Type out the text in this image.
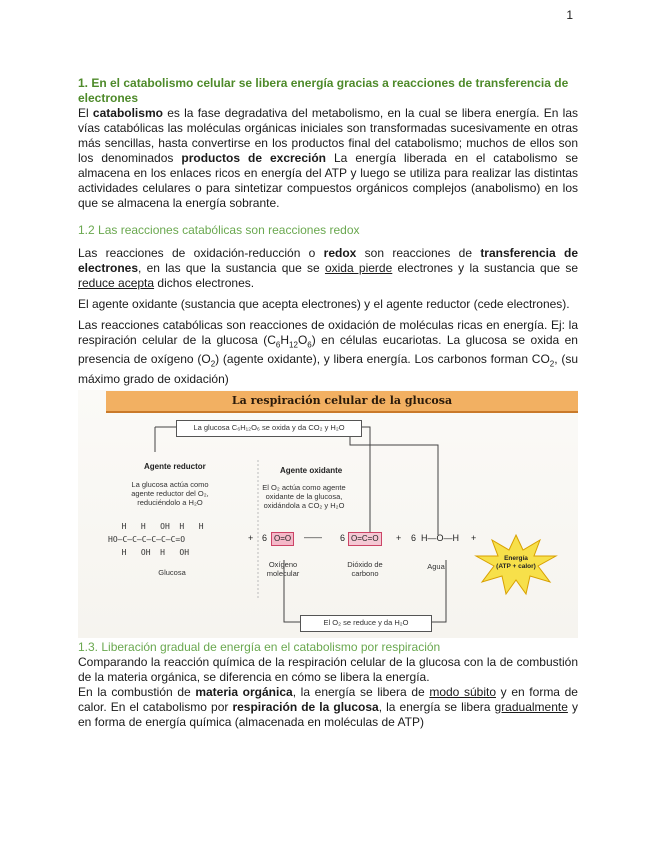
1
1. En el catabolismo celular se libera energía gracias a reacciones de transferencia de electrones

El catabolismo es la fase degradativa del metabolismo, en la cual se libera energía. En las vías catabólicas las moléculas orgánicas iniciales son transformadas sucesivamente en otras más sencillas, hasta convertirse en los productos final del catabolismo; muchos de ellos son los denominados productos de excreción La energía liberada en el catabolismo se almacena en los enlaces ricos en energía del ATP y luego se utiliza para realizar las distintas actividades celulares o para sintetizar compuestos orgánicos complejos (anabolismo) en los que se almacena la energía sobrante.

1.2 Las reacciones catabólicas son reacciones redox

Las reacciones de oxidación-reducción o redox son reacciones de transferencia de electrones, en las que la sustancia que se oxida pierde electrones y la sustancia que se reduce acepta dichos electrones.

El agente oxidante (sustancia que acepta electrones) y el agente reductor (cede electrones).

Las reacciones catabólicas son reacciones de oxidación de moléculas ricas en energía. Ej: la respiración celular de la glucosa $(C_6H_{12}O_6)$ en células eucariotas. La glucosa se oxida en presencia de oxígeno $(O_2)$ (agente oxidante), y libera energía. Los carbonos forman $CO_2$, (su máximo grado de oxidación)

La respiración celular de la glucosa
La glucosa C₆H₁₂O₆ se oxida y da CO₂ y H₂O
Agente reductor
La glucosa actúa como agente reductor del O₂, reduciéndolo a H₂O
Agente oxidante
El O₂ actúa como agente oxidante de la glucosa, oxidándola a CO₂ y H₂O
H   H   OH  H   H
HO—C—C—C—C—C—C=O
H   OH  H   OH
Glucosa
+ 6 O=O	—— 6 O=C=O	+ 6 H—O—H +
Oxígeno molecular
Dióxido de carbono
Agua
Energía (ATP + calor)
El O₂ se reduce y da H₂O
1.3. Liberación gradual de energía en el catabolismo por respiración

Comparando la reacción química de la respiración celular de la glucosa con la de combustión de la materia orgánica, se diferencia en cómo se libera la energía.

En la combustión de materia orgánica, la energía se libera de modo súbito y en forma de calor. En el catabolismo por respiración de la glucosa, la energía se libera gradualmente y en forma de energía química (almacenada en moléculas de ATP)
